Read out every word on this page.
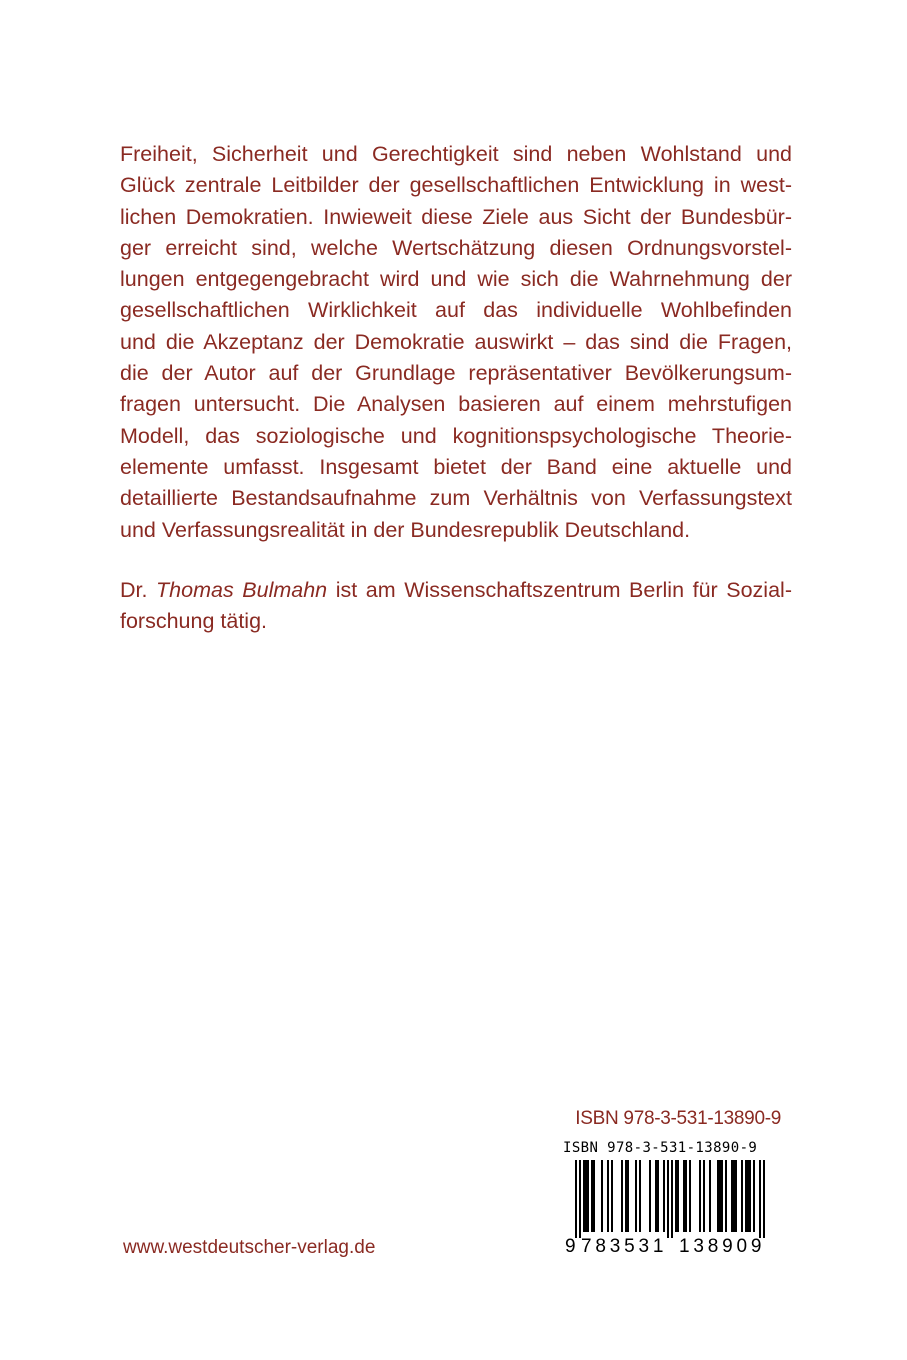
Freiheit, Sicherheit und Gerechtigkeit sind neben Wohlstand und
Glück zentrale Leitbilder der gesellschaftlichen Entwicklung in west-
lichen Demokratien. Inwieweit diese Ziele aus Sicht der Bundesbür-
ger erreicht sind, welche Wertschätzung diesen Ordnungsvorstel-
lungen entgegengebracht wird und wie sich die Wahrnehmung der
gesellschaftlichen Wirklichkeit auf das individuelle Wohlbefinden
und die Akzeptanz der Demokratie auswirkt – das sind die Fragen,
die der Autor auf der Grundlage repräsentativer Bevölkerungsum-
fragen untersucht. Die Analysen basieren auf einem mehrstufigen
Modell, das soziologische und kognitionspsychologische Theorie-
elemente umfasst. Insgesamt bietet der Band eine aktuelle und
detaillierte Bestandsaufnahme zum Verhältnis von Verfassungstext
und Verfassungsrealität in der Bundesrepublik Deutschland.
Dr. Thomas Bulmahn ist am Wissenschaftszentrum Berlin für Sozial-
forschung tätig.
ISBN 978-3-531-13890-9
ISBN 978-3-531-13890-9
9 783531 138909
www.westdeutscher-verlag.de
